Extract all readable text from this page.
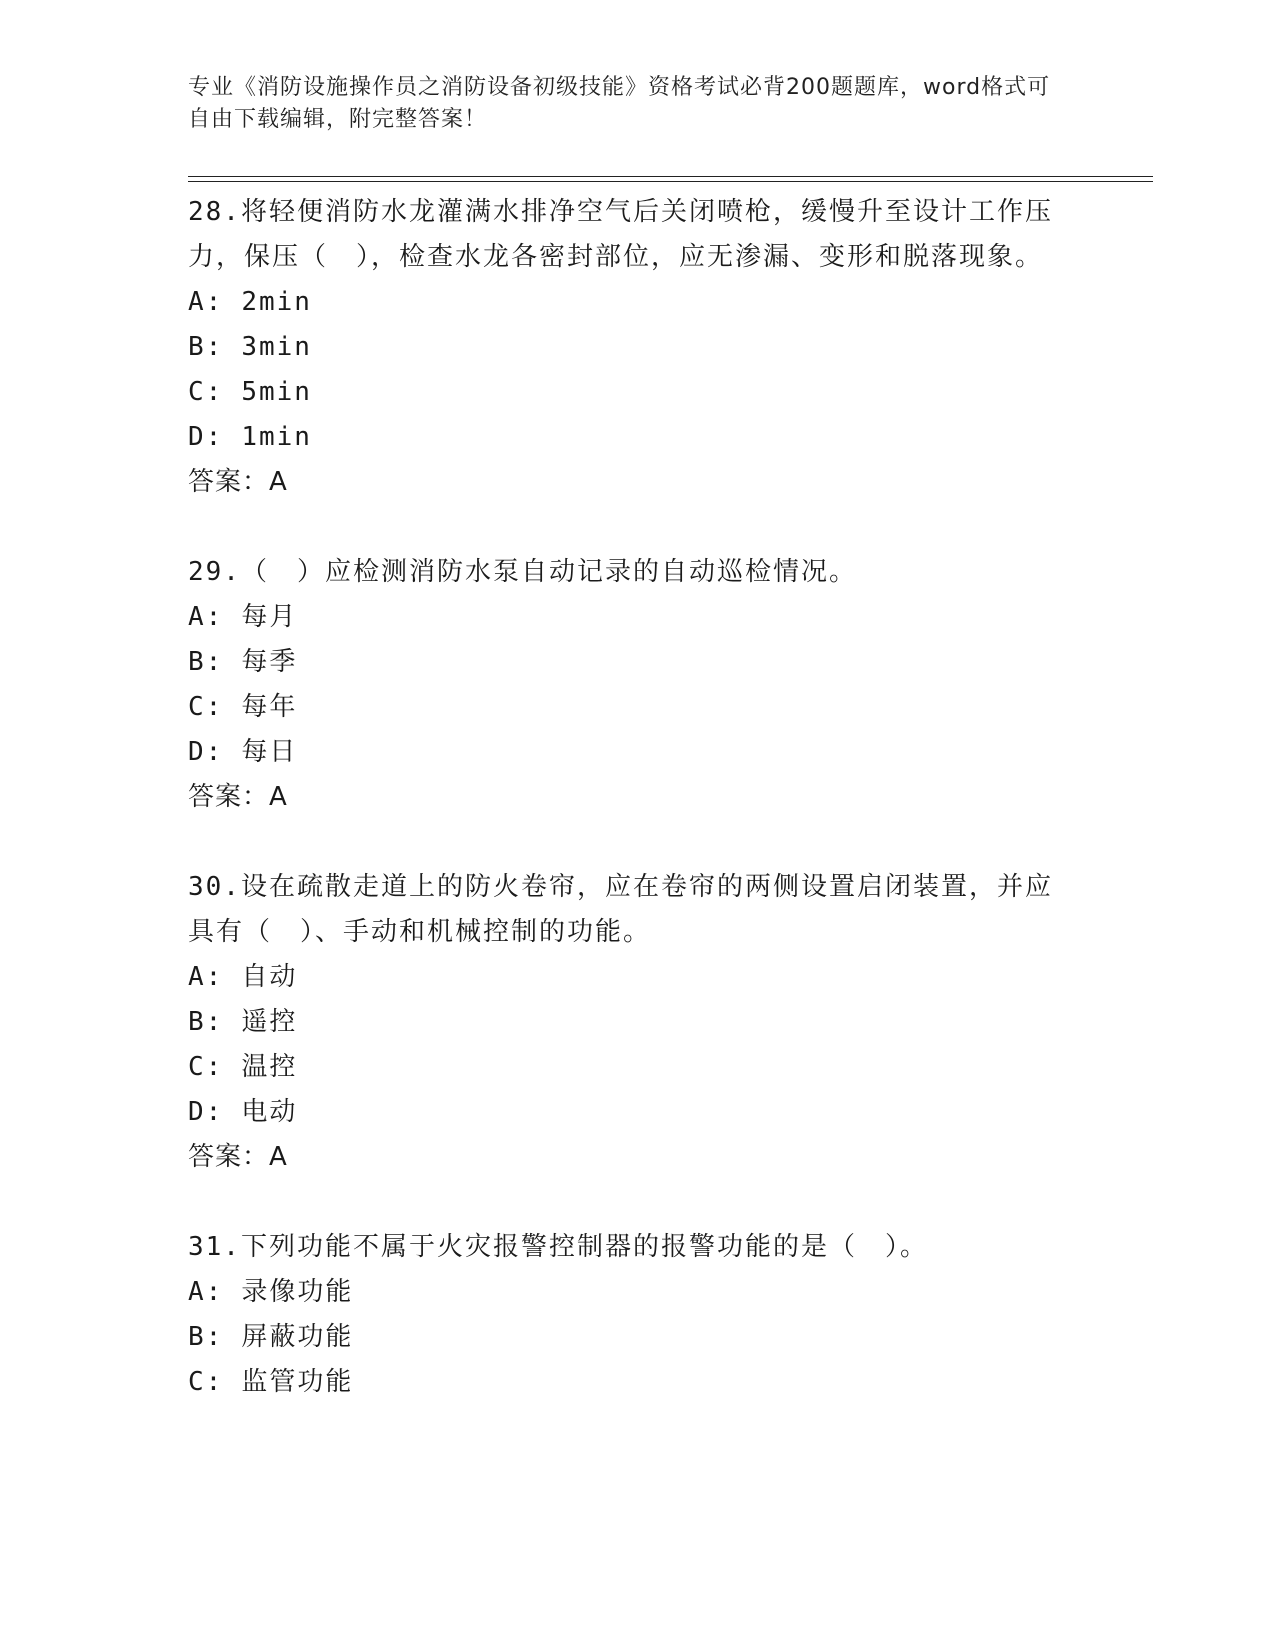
专业《消防设施操作员之消防设备初级技能》资格考试必背200题题库，word格式可自由下载编辑，附完整答案！
28.将轻便消防水龙灌满水排净空气后关闭喷枪，缓慢升至设计工作压力，保压（　），检查水龙各密封部位，应无渗漏、变形和脱落现象。
A: 2min
B: 3min
C: 5min
D: 1min
答案：A
29.（　）应检测消防水泵自动记录的自动巡检情况。
A: 每月
B: 每季
C: 每年
D: 每日
答案：A
30.设在疏散走道上的防火卷帘，应在卷帘的两侧设置启闭装置，并应具有（　）、手动和机械控制的功能。
A: 自动
B: 遥控
C: 温控
D: 电动
答案：A
31.下列功能不属于火灾报警控制器的报警功能的是（　）。
A: 录像功能
B: 屏蔽功能
C: 监管功能
